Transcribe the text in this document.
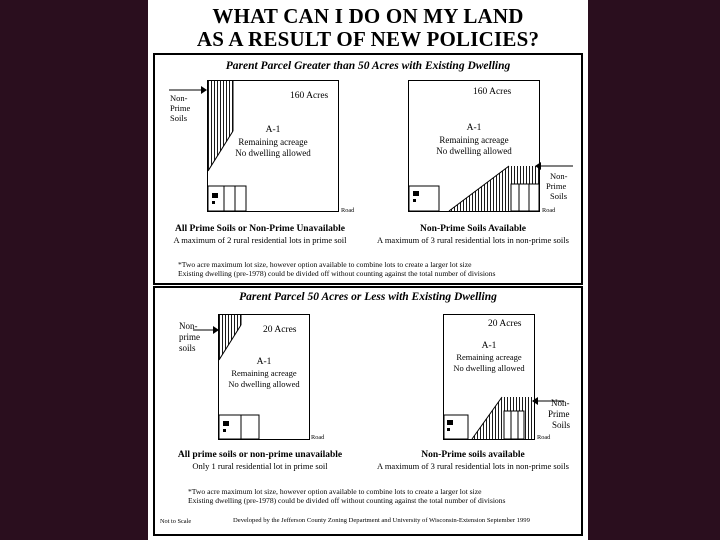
WHAT CAN I DO ON MY LAND
AS A RESULT OF NEW POLICIES?
Parent Parcel Greater than 50 Acres with Existing Dwelling
Non-
Prime
Soils
160 Acres
A-1
Remaining acreage
No dwelling allowed
Road
All Prime Soils or Non-Prime Unavailable
A maximum of 2 rural residential lots in prime soil
160 Acres
A-1
Remaining acreage
No dwelling allowed
Non-
Prime
Soils
Road
Non-Prime Soils Available
A maximum of 3 rural residential lots in non-prime soils
*Two acre maximum lot size, however option available to combine lots to create a larger lot size
Existing dwelling (pre-1978) could be divided off without counting against the total number of divisions
Parent Parcel 50 Acres or Less with Existing Dwelling
Non-
prime
soils
20 Acres
A-1
Remaining acreage
No dwelling allowed
Road
All prime soils or non-prime unavailable
Only 1 rural residential lot in prime soil
20 Acres
A-1
Remaining acreage
No dwelling allowed
Non-
Prime
Soils
Road
Non-Prime soils available
A maximum of 3 rural residential lots in non-prime soils
*Two acre maximum lot size, however option available to combine lots to create a larger lot size
Existing dwelling (pre-1978) could be divided off without counting against the total number of divisions
Not to Scale	Developed by the Jefferson County Zoning Department and University of Wisconsin-Extension September 1999
